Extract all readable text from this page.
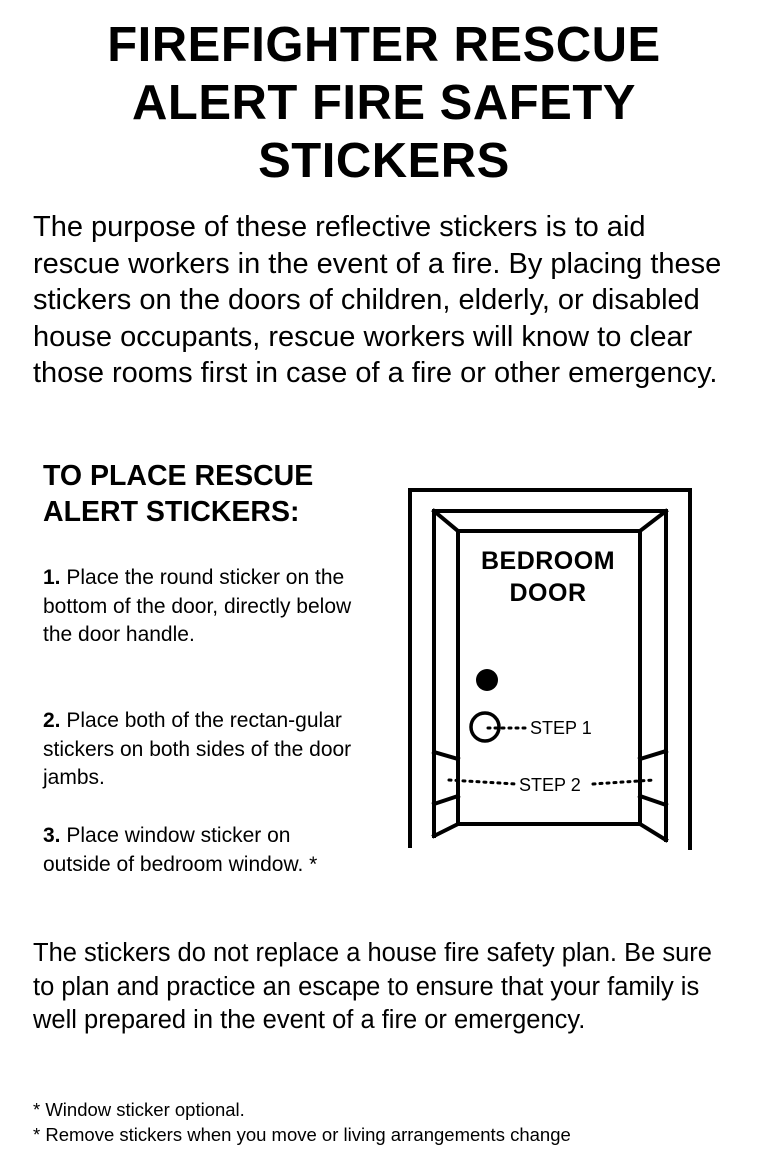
FIREFIGHTER RESCUE
ALERT FIRE SAFETY
STICKERS

The purpose of these reflective stickers is to aid rescue workers in the event of a fire. By placing these stickers on the doors of children, elderly, or disabled house occupants, rescue workers will know to clear those rooms first in case of a fire or other emergency.

TO PLACE RESCUE ALERT STICKERS:
1. Place the round sticker on the bottom of the door, directly below the door handle.
2. Place both of the rectan-gular stickers on both sides of the door jambs.
3. Place window sticker on outside of bedroom window. *
BEDROOM
DOOR
STEP 1
STEP 2

The stickers do not replace a house fire safety plan. Be sure to plan and practice an escape to ensure that your family is well prepared in the event of a fire or emergency.

* Window sticker optional.
* Remove stickers when you move or living arrangements change
